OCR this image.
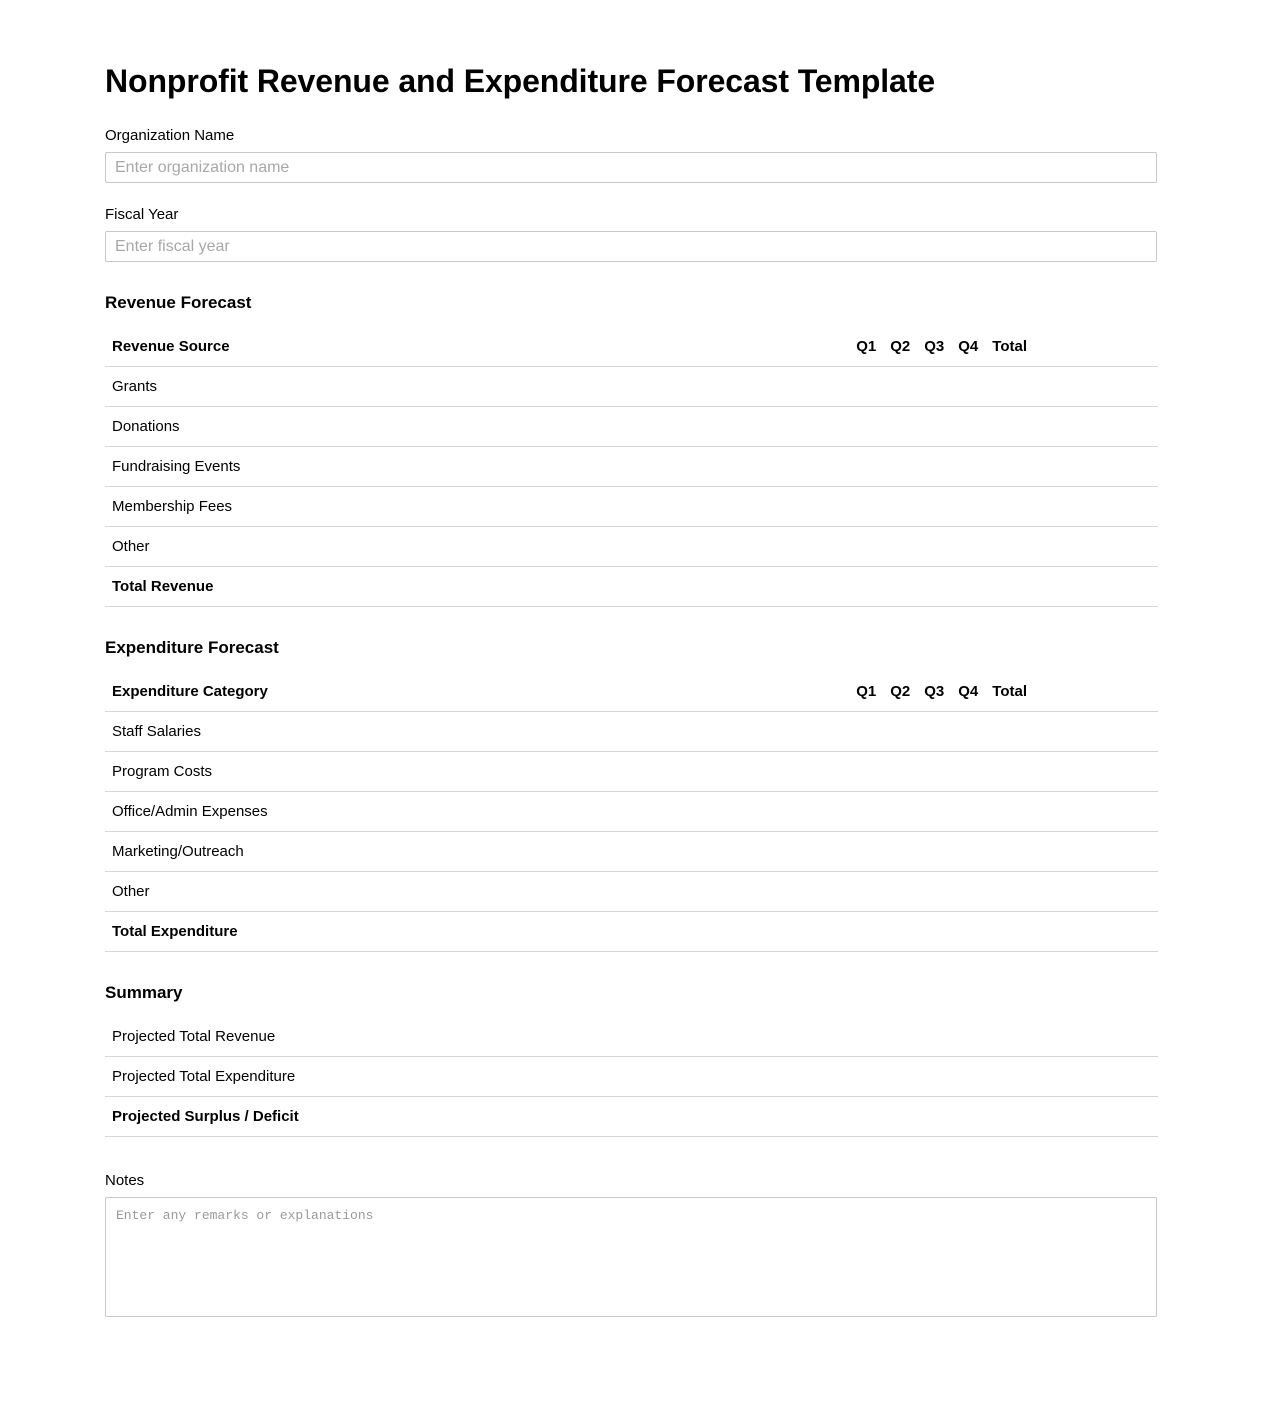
Nonprofit Revenue and Expenditure Forecast Template
Organization Name
Enter organization name
Fiscal Year
Enter fiscal year
Revenue Forecast
Revenue Source	Q1	Q2	Q3	Q4	Total	
Grants						
Donations						
Fundraising Events						
Membership Fees						
Other						
Total Revenue						
Expenditure Forecast
Expenditure Category	Q1	Q2	Q3	Q4	Total	
Staff Salaries						
Program Costs						
Office/Admin Expenses						
Marketing/Outreach						
Other						
Total Expenditure						
Summary
Projected Total Revenue	
Projected Total Expenditure	
Projected Surplus / Deficit	
Notes
Enter any remarks or explanations
